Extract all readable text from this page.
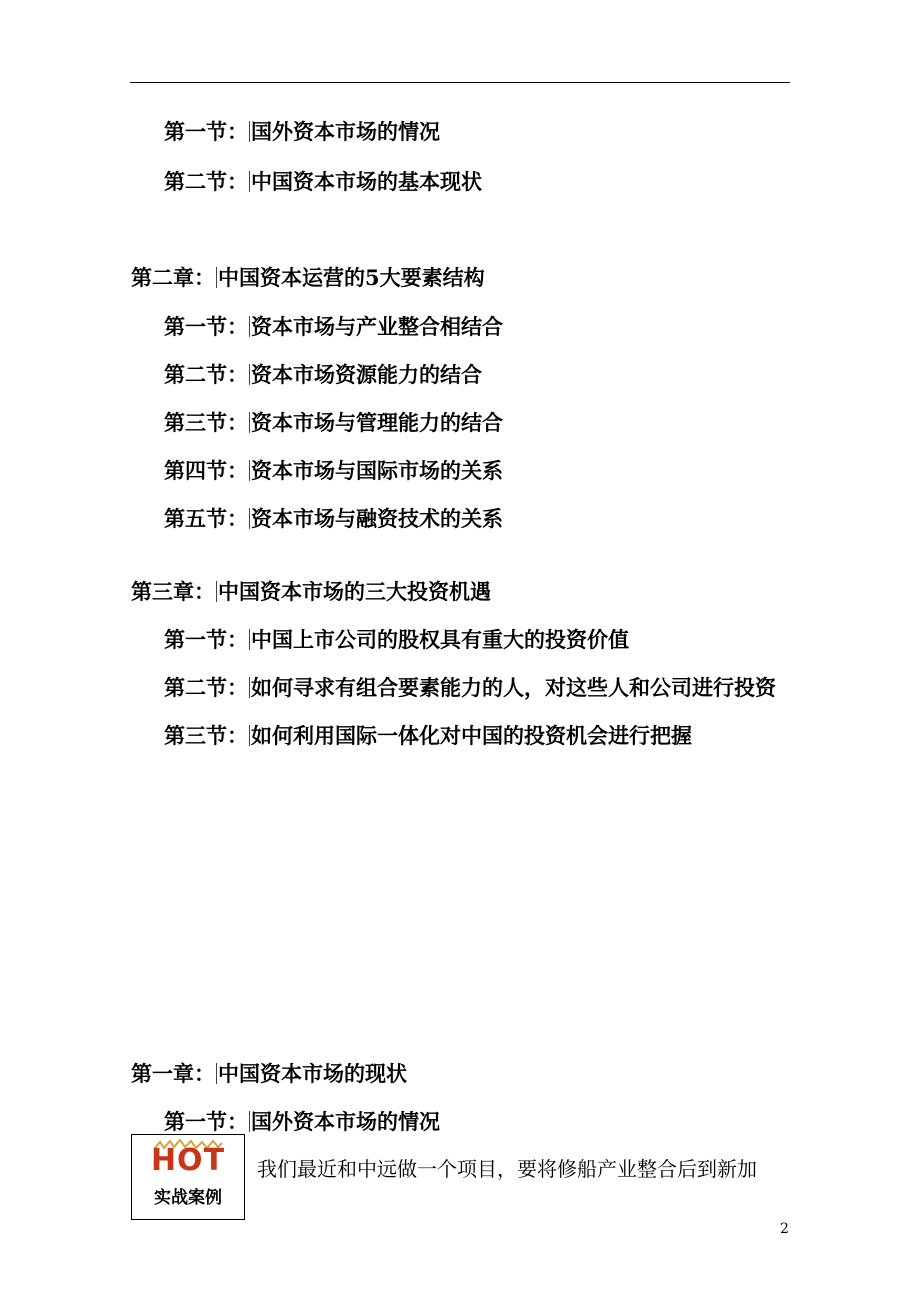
第一节： 国外资本市场的情况
第二节： 中国资本市场的基本现状
第二章： 中国资本运营的5大要素结构
第一节： 资本市场与产业整合相结合
第二节： 资本市场资源能力的结合
第三节： 资本市场与管理能力的结合
第四节： 资本市场与国际市场的关系
第五节： 资本市场与融资技术的关系
第三章： 中国资本市场的三大投资机遇
第一节： 中国上市公司的股权具有重大的投资价值
第二节： 如何寻求有组合要素能力的人，对这些人和公司进行投资
第三节： 如何利用国际一体化对中国的投资机会进行把握
第一章： 中国资本市场的现状
第一节： 国外资本市场的情况
HOT
实战案例
我们最近和中远做一个项目，要将修船产业整合后到新加
2
